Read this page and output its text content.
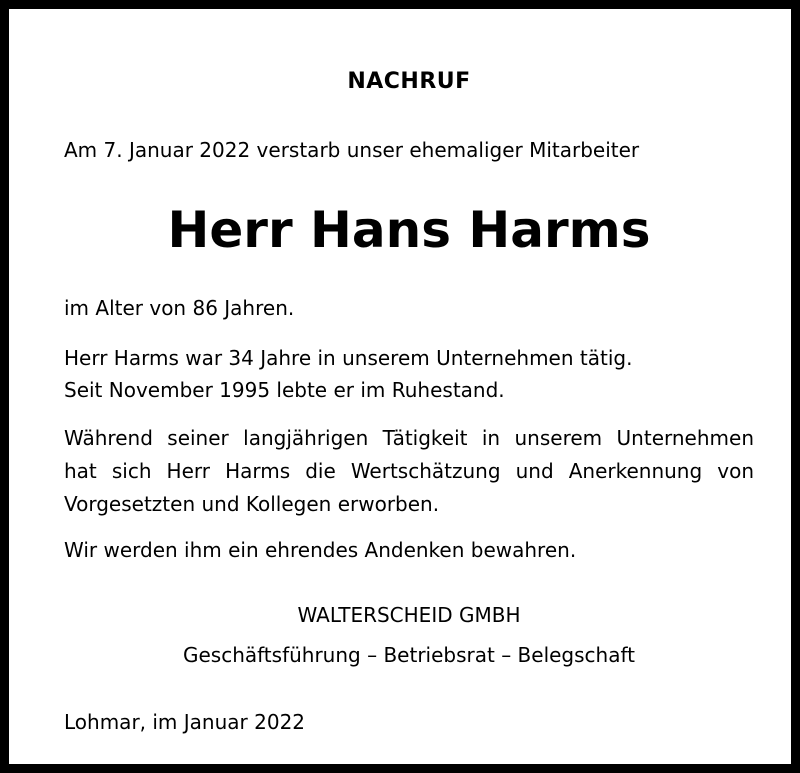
NACHRUF
Am 7. Januar 2022 verstarb unser ehemaliger Mitarbeiter
Herr Hans Harms
im Alter von 86 Jahren.
Herr Harms war 34 Jahre in unserem Unternehmen tätig.
Seit November 1995 lebte er im Ruhestand.
Während seiner langjährigen Tätigkeit in unserem Unternehmen
hat sich Herr Harms die Wertschätzung und Anerkennung von
Vorgesetzten und Kollegen erworben.
Wir werden ihm ein ehrendes Andenken bewahren.
WALTERSCHEID GMBH
Geschäftsführung – Betriebsrat – Belegschaft
Lohmar, im Januar 2022
